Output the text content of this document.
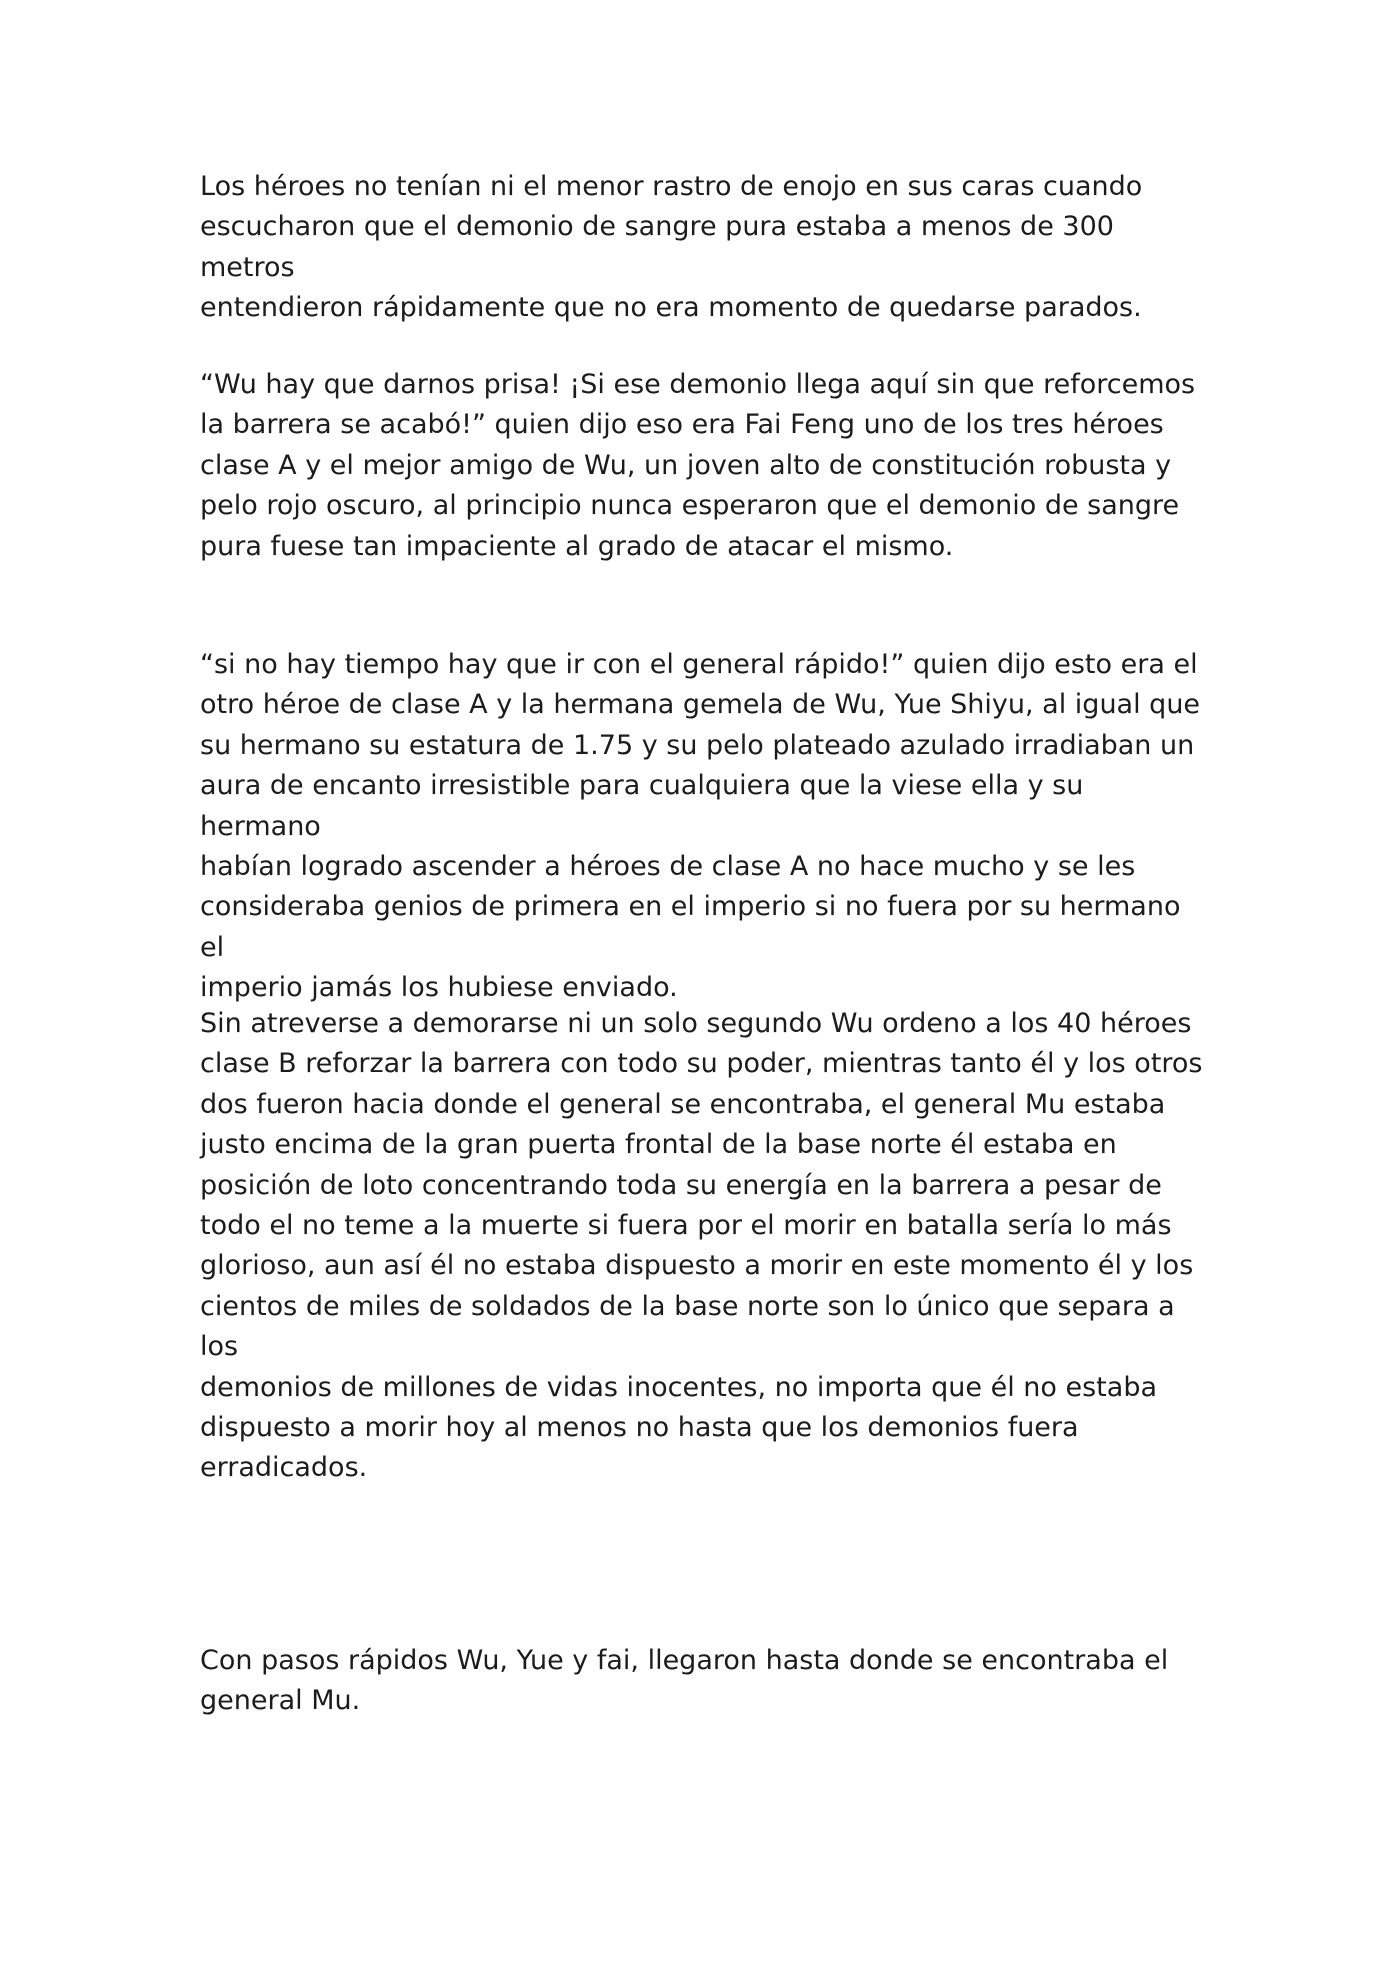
Los héroes no tenían ni el menor rastro de enojo en sus caras cuando
escucharon que el demonio de sangre pura estaba a menos de 300 metros
entendieron rápidamente que no era momento de quedarse parados.

“Wu hay que darnos prisa! ¡Si ese demonio llega aquí sin que reforcemos
la barrera se acabó!” quien dijo eso era Fai Feng uno de los tres héroes
clase A y el mejor amigo de Wu, un joven alto de constitución robusta y
pelo rojo oscuro, al principio nunca esperaron que el demonio de sangre
pura fuese tan impaciente al grado de atacar el mismo.

“si no hay tiempo hay que ir con el general rápido!” quien dijo esto era el
otro héroe de clase A y la hermana gemela de Wu, Yue Shiyu, al igual que
su hermano su estatura de 1.75 y su pelo plateado azulado irradiaban un
aura de encanto irresistible para cualquiera que la viese ella y su hermano
habían logrado ascender a héroes de clase A no hace mucho y se les
consideraba genios de primera en el imperio si no fuera por su hermano el
imperio jamás los hubiese enviado.

Sin atreverse a demorarse ni un solo segundo Wu ordeno a los 40 héroes
clase B reforzar la barrera con todo su poder, mientras tanto él y los otros
dos fueron hacia donde el general se encontraba, el general Mu estaba
justo encima de la gran puerta frontal de la base norte él estaba en
posición de loto concentrando toda su energía en la barrera a pesar de
todo el no teme a la muerte si fuera por el morir en batalla sería lo más
glorioso, aun así él no estaba dispuesto a morir en este momento él y los
cientos de miles de soldados de la base norte son lo único que separa a los
demonios de millones de vidas inocentes, no importa que él no estaba
dispuesto a morir hoy al menos no hasta que los demonios fuera
erradicados.

Con pasos rápidos Wu, Yue y fai, llegaron hasta donde se encontraba el
general Mu.
